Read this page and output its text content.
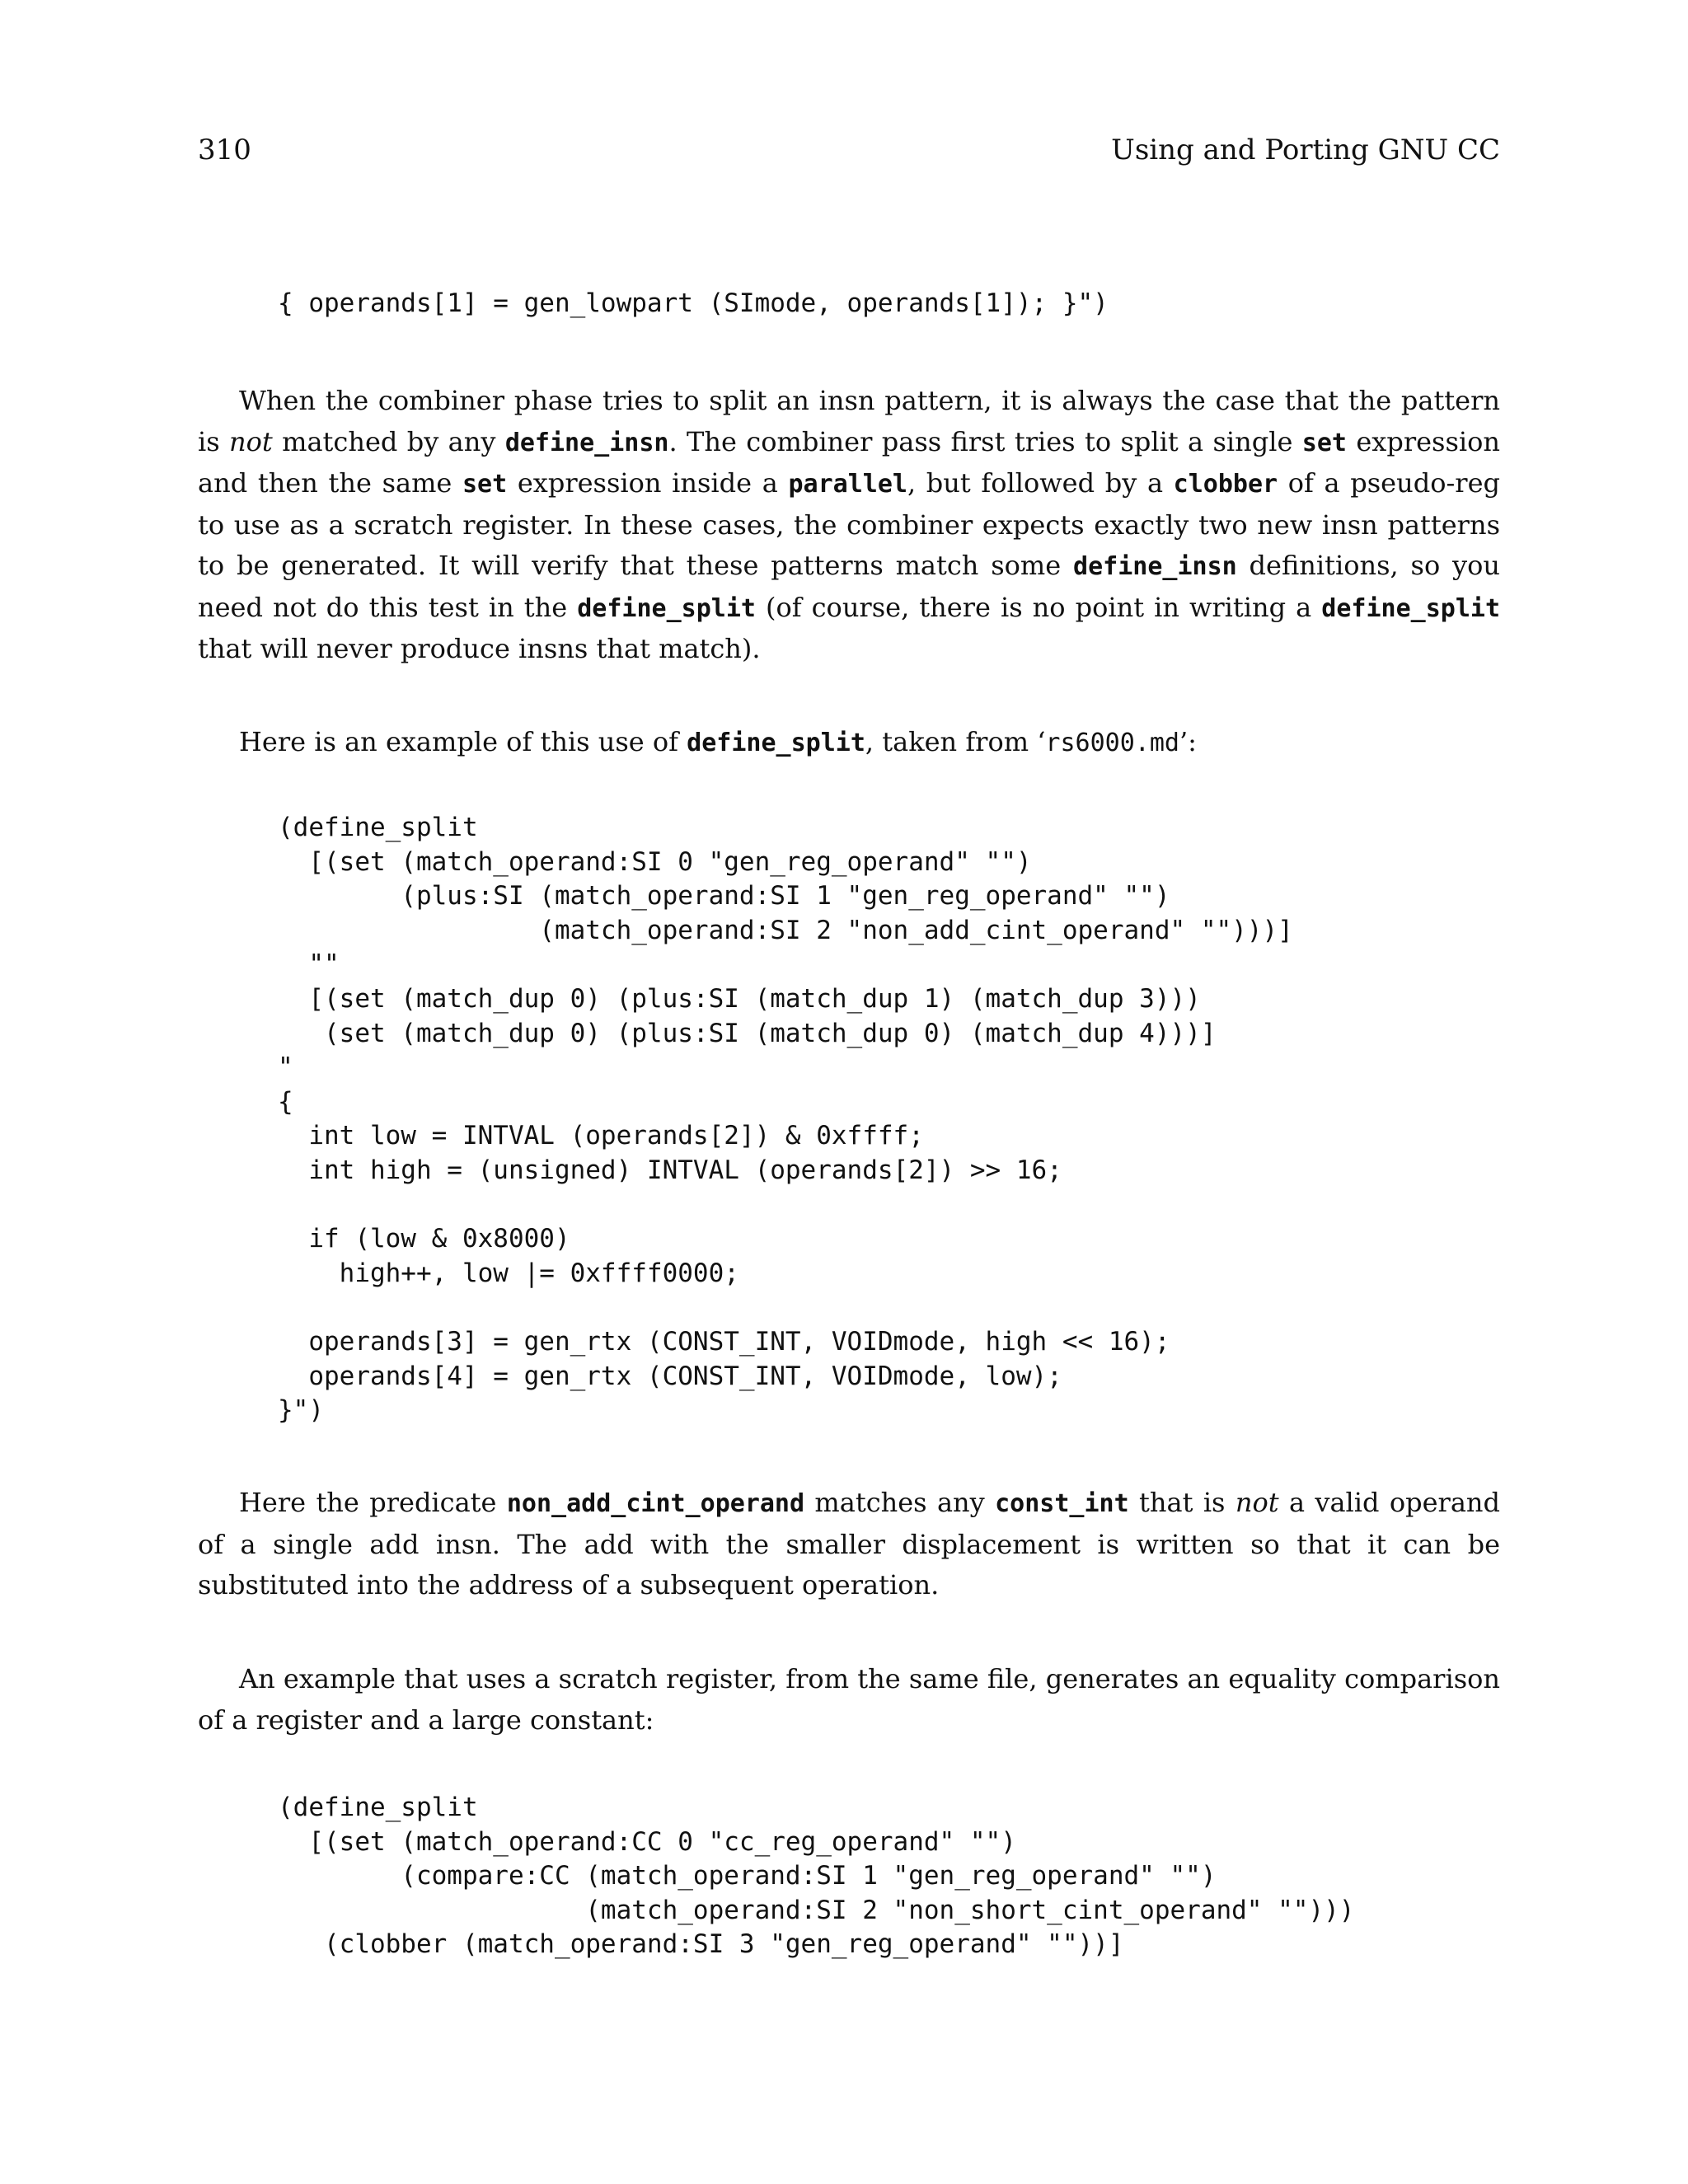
310	Using and Porting GNU CC
{ operands[1] = gen_lowpart (SImode, operands[1]); }")

When the combiner phase tries to split an insn pattern, it is always the case that the pattern is not matched by any define_insn. The combiner pass first tries to split a single set expression and then the same set expression inside a parallel, but followed by a clobber of a pseudo-reg to use as a scratch register. In these cases, the combiner expects exactly two new insn patterns to be generated. It will verify that these patterns match some define_insn definitions, so you need not do this test in the define_split (of course, there is no point in writing a define_split that will never produce insns that match).

Here is an example of this use of define_split, taken from ‘rs6000.md’:

(define_split
[(set (match_operand:SI 0 "gen_reg_operand" "")
(plus:SI (match_operand:SI 1 "gen_reg_operand" "")
(match_operand:SI 2 "non_add_cint_operand" "")))]
""
[(set (match_dup 0) (plus:SI (match_dup 1) (match_dup 3)))
(set (match_dup 0) (plus:SI (match_dup 0) (match_dup 4)))]
"
{
int low = INTVAL (operands[2]) & 0xffff;
int high = (unsigned) INTVAL (operands[2]) >> 16;

if (low & 0x8000)
high++, low |= 0xffff0000;

operands[3] = gen_rtx (CONST_INT, VOIDmode, high << 16);
operands[4] = gen_rtx (CONST_INT, VOIDmode, low);
}")

Here the predicate non_add_cint_operand matches any const_int that is not a valid operand of a single add insn. The add with the smaller displacement is written so that it can be substituted into the address of a subsequent operation.

An example that uses a scratch register, from the same file, generates an equality comparison of a register and a large constant:

(define_split
[(set (match_operand:CC 0 "cc_reg_operand" "")
(compare:CC (match_operand:SI 1 "gen_reg_operand" "")
(match_operand:SI 2 "non_short_cint_operand" "")))
(clobber (match_operand:SI 3 "gen_reg_operand" ""))]
